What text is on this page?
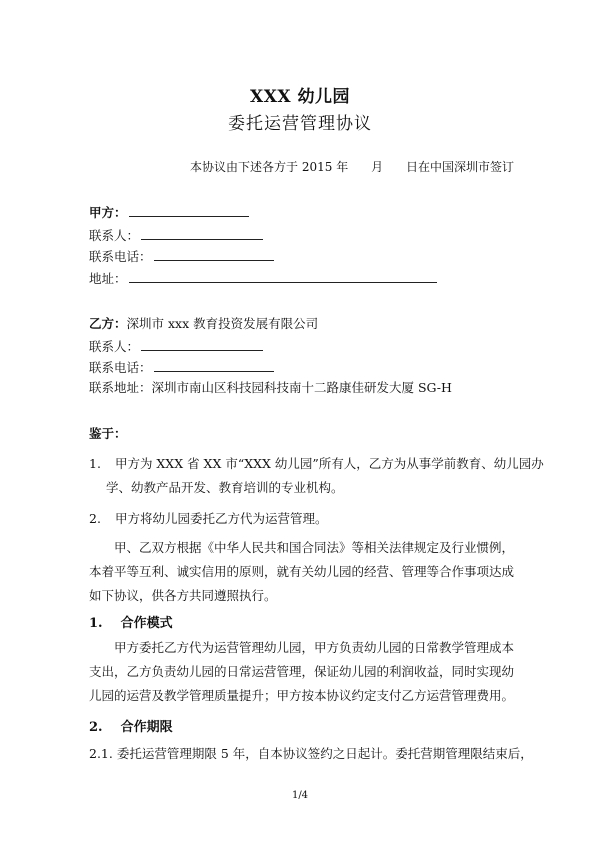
XXX 幼儿园
委托运营管理协议
本协议由下述各方于 2015 年      月      日在中国深圳市签订
甲方：
联系人：
联系电话：
地址：
乙方：深圳市 xxx 教育投资发展有限公司
联系人：
联系电话：
联系地址：深圳市南山区科技园科技南十二路康佳研发大厦 SG-H
鉴于：
1. 甲方为 XXX 省 XX 市“XXX 幼儿园”所有人，乙方为从事学前教育、幼儿园办
学、幼教产品开发、教育培训的专业机构。
2. 甲方将幼儿园委托乙方代为运营管理。
甲、乙双方根据《中华人民共和国合同法》等相关法律规定及行业惯例，本着平等互利、诚实信用的原则，就有关幼儿园的经营、管理等合作事项达成如下协议，供各方共同遵照执行。
1. 合作模式
甲方委托乙方代为运营管理幼儿园，甲方负责幼儿园的日常教学管理成本支出，乙方负责幼儿园的日常运营管理，保证幼儿园的利润收益，同时实现幼儿园的运营及教学管理质量提升；甲方按本协议约定支付乙方运营管理费用。
2. 合作期限
2.1. 委托运营管理期限 5 年，自本协议签约之日起计。委托营期管理限结束后，
1/4
